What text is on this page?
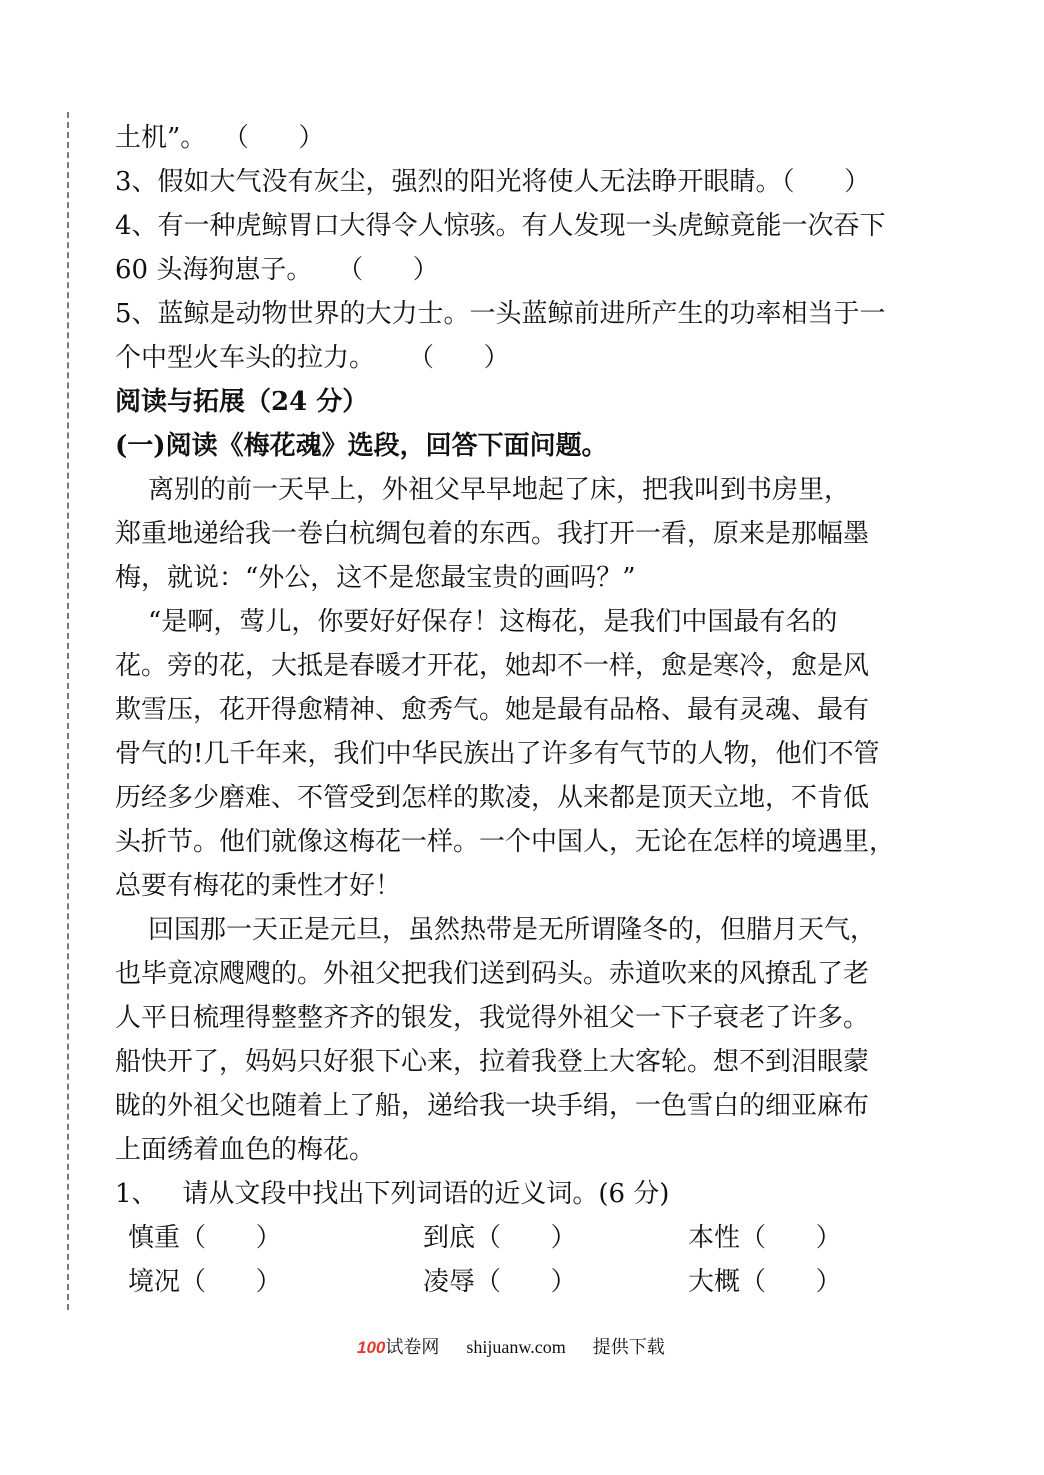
土机”。  （      ）
3、假如大气没有灰尘，强烈的阳光将使人无法睁开眼睛。（      ）
4、有一种虎鲸胃口大得令人惊骇。有人发现一头虎鲸竟能一次吞下
60 头海狗崽子。   （      ）
5、蓝鲸是动物世界的大力士。一头蓝鲸前进所产生的功率相当于一
个中型火车头的拉力。    （      ）
阅读与拓展（24 分）
(一)阅读《梅花魂》选段，回答下面问题。
离别的前一天早上，外祖父早早地起了床，把我叫到书房里，
郑重地递给我一卷白杭绸包着的东西。我打开一看，原来是那幅墨
梅，就说：“外公，这不是您最宝贵的画吗？”
“是啊，莺儿，你要好好保存！这梅花，是我们中国最有名的
花。旁的花，大抵是春暖才开花，她却不一样，愈是寒冷，愈是风
欺雪压，花开得愈精神、愈秀气。她是最有品格、最有灵魂、最有
骨气的!几千年来，我们中华民族出了许多有气节的人物，他们不管
历经多少磨难、不管受到怎样的欺凌，从来都是顶天立地，不肯低
头折节。他们就像这梅花一样。一个中国人，无论在怎样的境遇里，
总要有梅花的秉性才好！
回国那一天正是元旦，虽然热带是无所谓隆冬的，但腊月天气，
也毕竟凉飕飕的。外祖父把我们送到码头。赤道吹来的风撩乱了老
人平日梳理得整整齐齐的银发，我觉得外祖父一下子衰老了许多。
船快开了，妈妈只好狠下心来，拉着我登上大客轮。想不到泪眼蒙
眬的外祖父也随着上了船，递给我一块手绢，一色雪白的细亚麻布
上面绣着血色的梅花。
1、   请从文段中找出下列词语的近义词。(6 分)
慎重（      ）	到底（      ）	本性（      ）
境况（      ）	凌辱（      ）	大概（      ）

100试卷网 shijuanw.com 提供下载
